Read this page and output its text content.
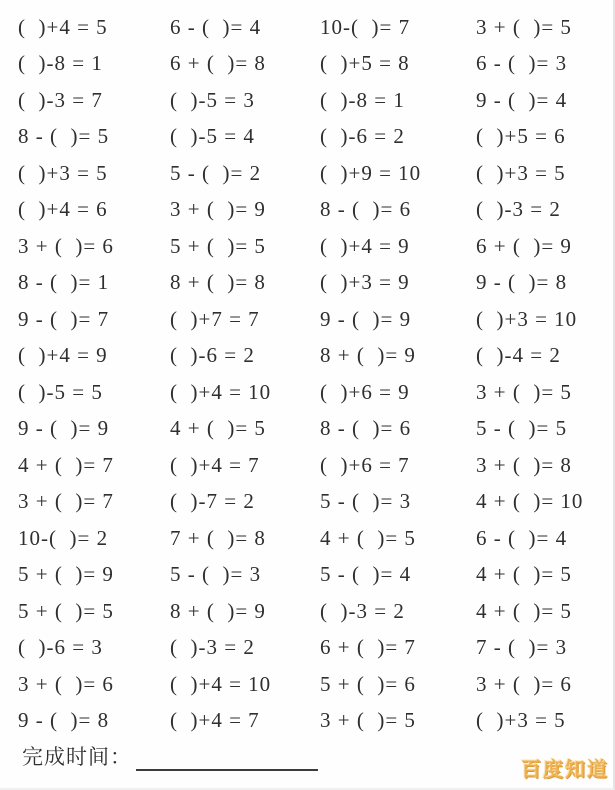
(  )+4 = 5	6 - (  )= 4	10-(  )= 7	3 + (  )= 5
(  )-8 = 1	6 + (  )= 8	(  )+5 = 8	6 - (  )= 3
(  )-3 = 7	(  )-5 = 3	(  )-8 = 1	9 - (  )= 4
8 - (  )= 5	(  )-5 = 4	(  )-6 = 2	(  )+5 = 6
(  )+3 = 5	5 - (  )= 2	(  )+9 = 10	(  )+3 = 5
(  )+4 = 6	3 + (  )= 9	8 - (  )= 6	(  )-3 = 2
3 + (  )= 6	5 + (  )= 5	(  )+4 = 9	6 + (  )= 9
8 - (  )= 1	8 + (  )= 8	(  )+3 = 9	9 - (  )= 8
9 - (  )= 7	(  )+7 = 7	9 - (  )= 9	(  )+3 = 10
(  )+4 = 9	(  )-6 = 2	8 + (  )= 9	(  )-4 = 2
(  )-5 = 5	(  )+4 = 10	(  )+6 = 9	3 + (  )= 5
9 - (  )= 9	4 + (  )= 5	8 - (  )= 6	5 - (  )= 5
4 + (  )= 7	(  )+4 = 7	(  )+6 = 7	3 + (  )= 8
3 + (  )= 7	(  )-7 = 2	5 - (  )= 3	4 + (  )= 10
10-(  )= 2	7 + (  )= 8	4 + (  )= 5	6 - (  )= 4
5 + (  )= 9	5 - (  )= 3	5 - (  )= 4	4 + (  )= 5
5 + (  )= 5	8 + (  )= 9	(  )-3 = 2	4 + (  )= 5
(  )-6 = 3	(  )-3 = 2	6 + (  )= 7	7 - (  )= 3
3 + (  )= 6	(  )+4 = 10	5 + (  )= 6	3 + (  )= 6
9 - (  )= 8	(  )+4 = 7	3 + (  )= 5	(  )+3 = 5
完成时间：
百度知道
